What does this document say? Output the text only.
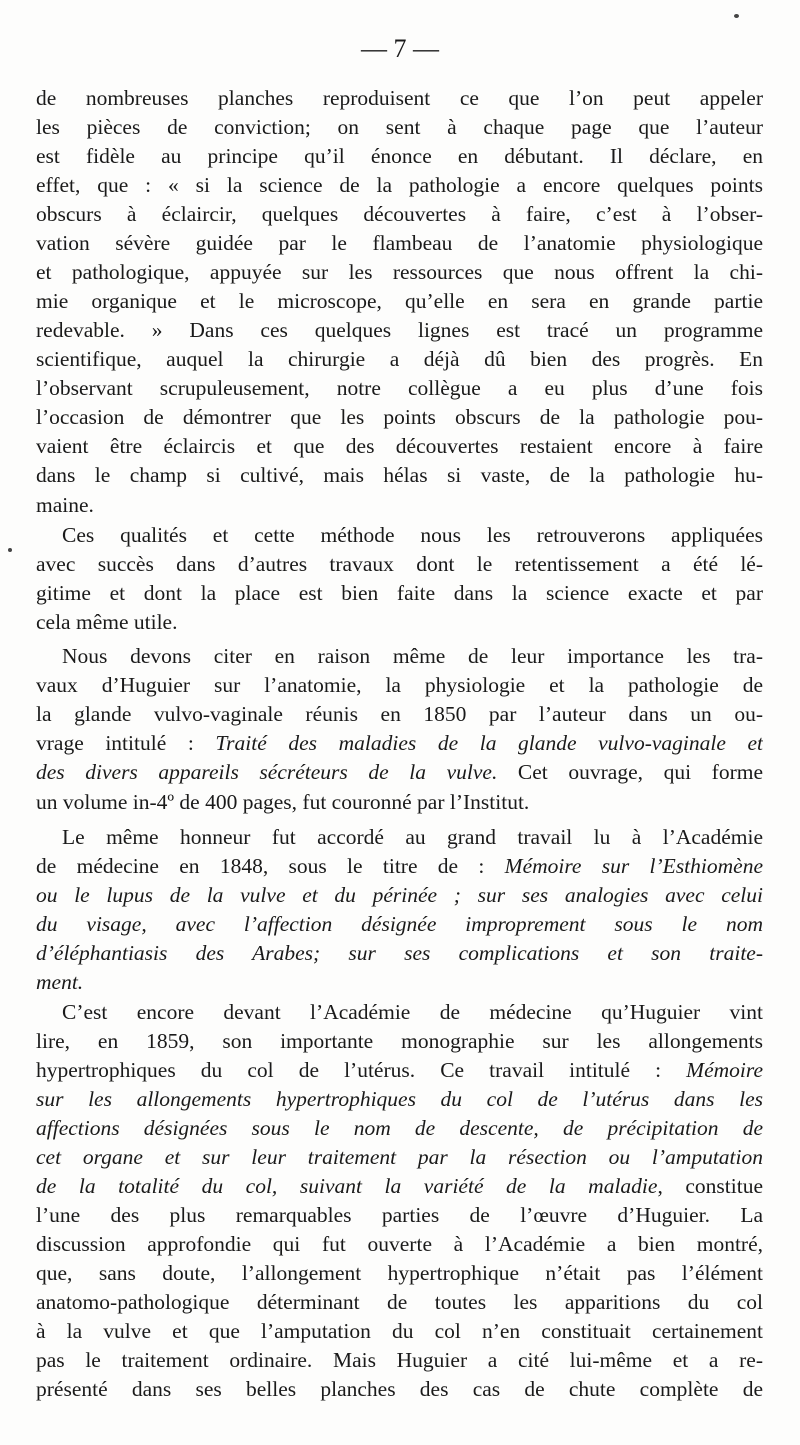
— 7 —
de nombreuses planches reproduisent ce que l’on peut appeler
les pièces de conviction; on sent à chaque page que l’auteur
est fidèle au principe qu’il énonce en débutant. Il déclare, en
effet, que : « si la science de la pathologie a encore quelques points
obscurs à éclaircir, quelques découvertes à faire, c’est à l’obser-
vation sévère guidée par le flambeau de l’anatomie physiologique
et pathologique, appuyée sur les ressources que nous offrent la chi-
mie organique et le microscope, qu’elle en sera en grande partie
redevable. » Dans ces quelques lignes est tracé un programme
scientifique, auquel la chirurgie a déjà dû bien des progrès. En
l’observant scrupuleusement, notre collègue a eu plus d’une fois
l’occasion de démontrer que les points obscurs de la pathologie pou-
vaient être éclaircis et que des découvertes restaient encore à faire
dans le champ si cultivé, mais hélas si vaste, de la pathologie hu-
maine.
Ces qualités et cette méthode nous les retrouverons appliquées
avec succès dans d’autres travaux dont le retentissement a été lé-
gitime et dont la place est bien faite dans la science exacte et par
cela même utile.
Nous devons citer en raison même de leur importance les tra-
vaux d’Huguier sur l’anatomie, la physiologie et la pathologie de
la glande vulvo-vaginale réunis en 1850 par l’auteur dans un ou-
vrage intitulé : Traité des maladies de la glande vulvo-vaginale et
des divers appareils sécréteurs de la vulve. Cet ouvrage, qui forme
un volume in-4º de 400 pages, fut couronné par l’Institut.
Le même honneur fut accordé au grand travail lu à l’Académie
de médecine en 1848, sous le titre de : Mémoire sur l’Esthiomène
ou le lupus de la vulve et du périnée ; sur ses analogies avec celui
du visage, avec l’affection désignée improprement sous le nom
d’éléphantiasis des Arabes; sur ses complications et son traite-
ment.
C’est encore devant l’Académie de médecine qu’Huguier vint
lire, en 1859, son importante monographie sur les allongements
hypertrophiques du col de l’utérus. Ce travail intitulé : Mémoire
sur les allongements hypertrophiques du col de l’utérus dans les
affections désignées sous le nom de descente, de précipitation de
cet organe et sur leur traitement par la résection ou l’amputation
de la totalité du col, suivant la variété de la maladie, constitue
l’une des plus remarquables parties de l’œuvre d’Huguier. La
discussion approfondie qui fut ouverte à l’Académie a bien montré,
que, sans doute, l’allongement hypertrophique n’était pas l’élément
anatomo-pathologique déterminant de toutes les apparitions du col
à la vulve et que l’amputation du col n’en constituait certainement
pas le traitement ordinaire. Mais Huguier a cité lui-même et a re-
présenté dans ses belles planches des cas de chute complète de
